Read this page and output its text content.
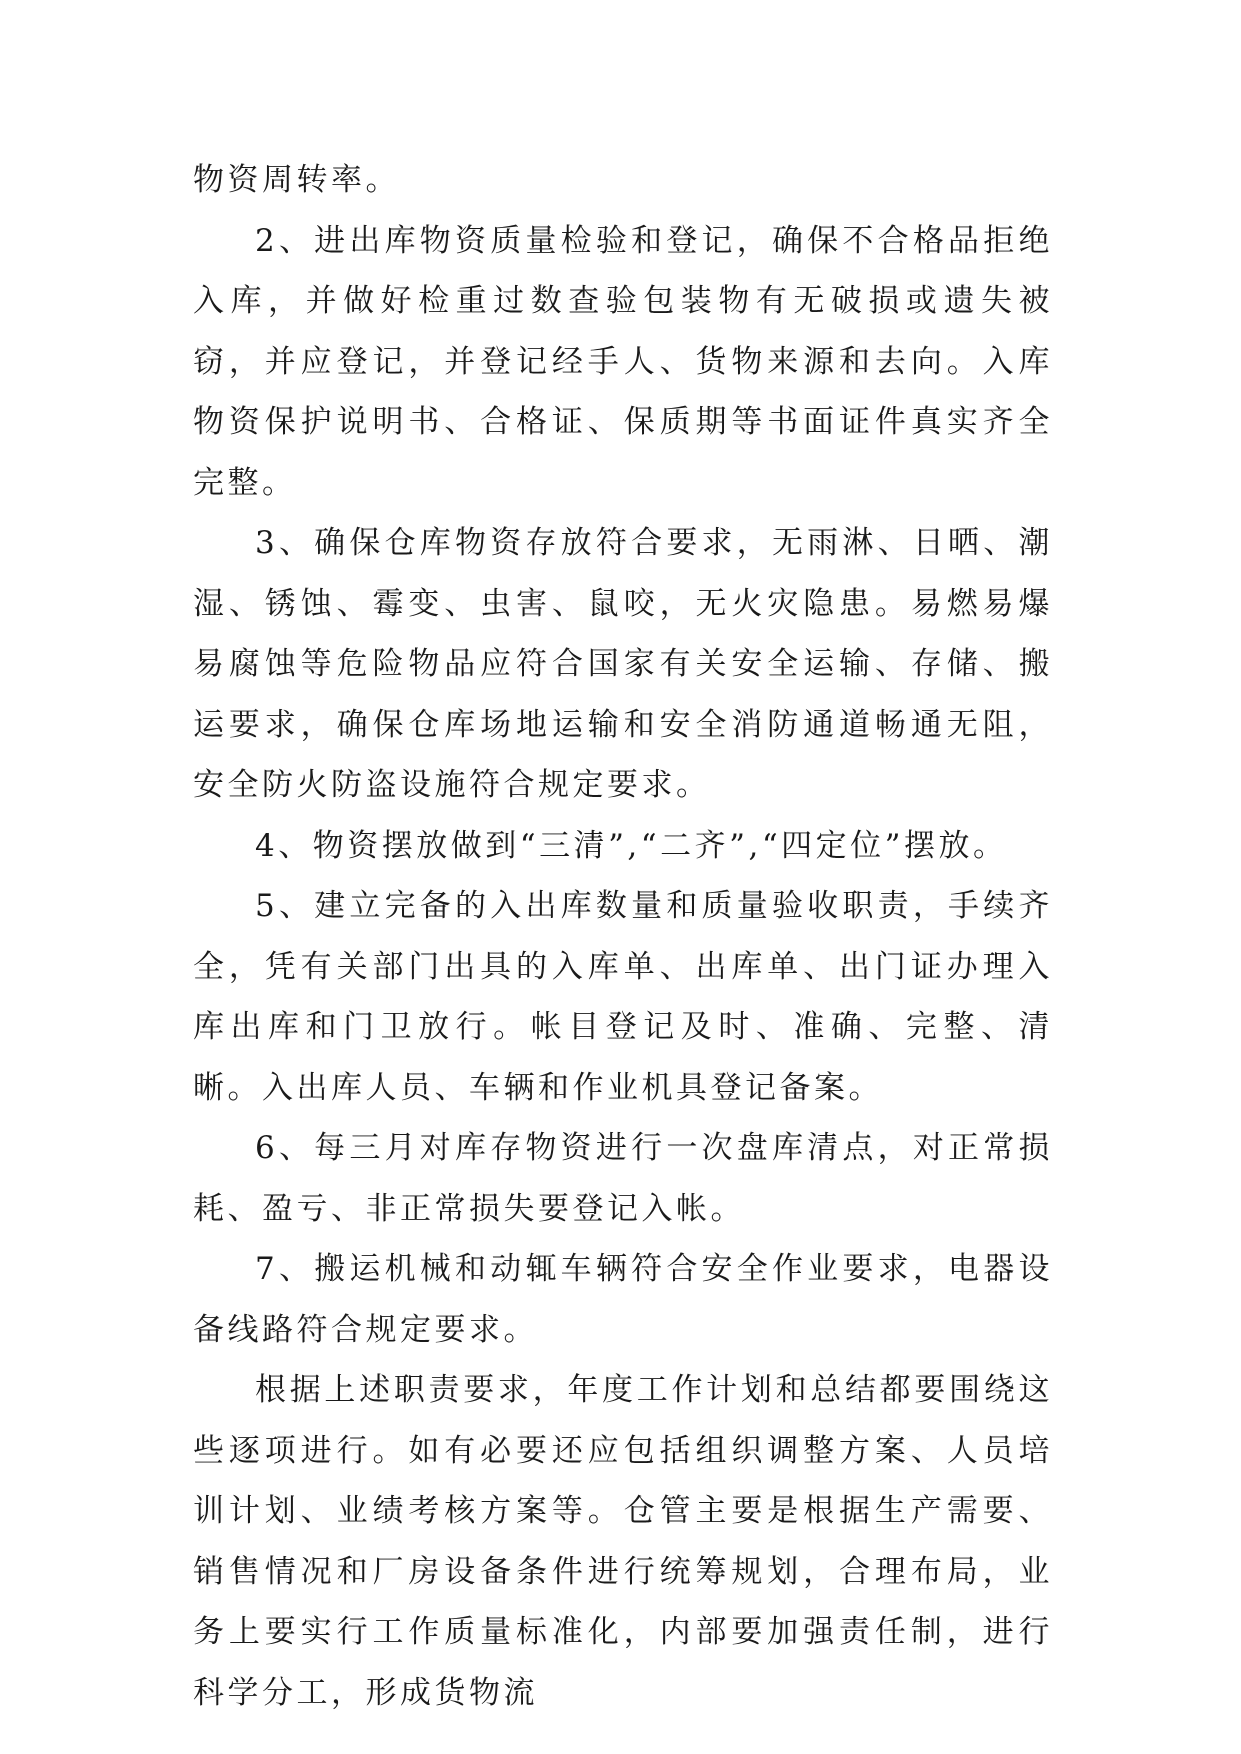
物资周转率。

2、进出库物资质量检验和登记，确保不合格品拒绝入库，并做好检重过数查验包装物有无破损或遗失被窃，并应登记，并登记经手人、货物来源和去向。入库物资保护说明书、合格证、保质期等书面证件真实齐全完整。

3、确保仓库物资存放符合要求，无雨淋、日晒、潮湿、锈蚀、霉变、虫害、鼠咬，无火灾隐患。易燃易爆易腐蚀等危险物品应符合国家有关安全运输、存储、搬运要求，确保仓库场地运输和安全消防通道畅通无阻，安全防火防盗设施符合规定要求。

4、物资摆放做到“三清”,“二齐”,“四定位”摆放。

5、建立完备的入出库数量和质量验收职责，手续齐全，凭有关部门出具的入库单、出库单、出门证办理入库出库和门卫放行。帐目登记及时、准确、完整、清晰。入出库人员、车辆和作业机具登记备案。

6、每三月对库存物资进行一次盘库清点，对正常损耗、盈亏、非正常损失要登记入帐。

7、搬运机械和动辄车辆符合安全作业要求，电器设备线路符合规定要求。

根据上述职责要求，年度工作计划和总结都要围绕这些逐项进行。如有必要还应包括组织调整方案、人员培训计划、业绩考核方案等。仓管主要是根据生产需要、销售情况和厂房设备条件进行统筹规划，合理布局，业务上要实行工作质量标准化，内部要加强责任制，进行科学分工，形成货物流
